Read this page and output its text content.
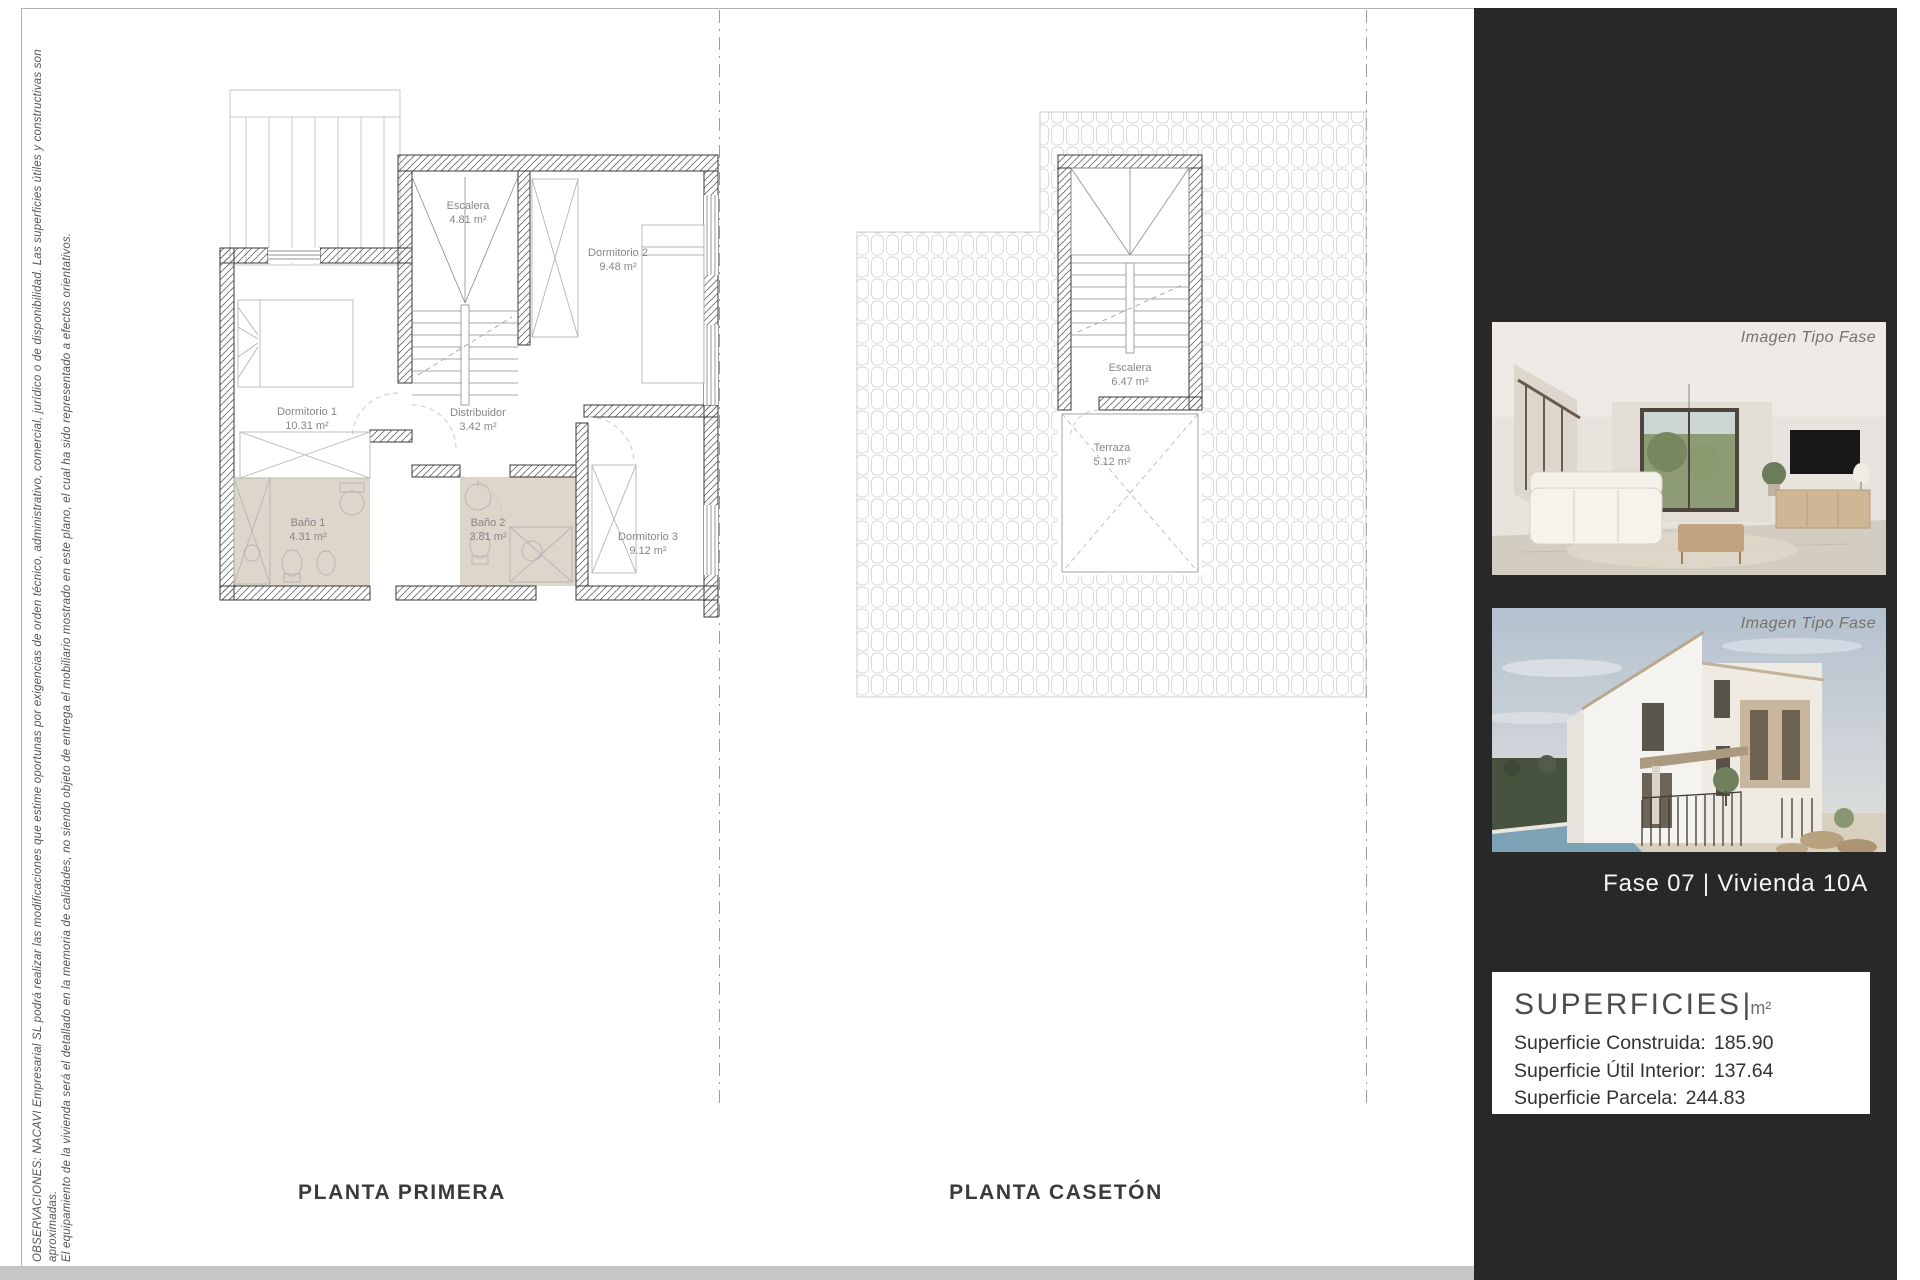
OBSERVACIONES: NACAVI Empresarial SL podrá realizar las modificaciones que estime oportunas por exigencias de orden técnico, administrativo, comercial, jurídico o de disponibilidad. Las superficies útiles y constructivas son aproximadas. El equipamiento de la vivienda será el detallado en la memoria de calidades, no siendo objeto de entrega el mobiliario mostrado en este plano, el cual ha sido representado a efectos orientativos.
Escalera
4.81 m²
Dormitorio 2
9.48 m²
Dormitorio 1
10.31 m²
Distribuidor
3.42 m²
Baño 1
4.31 m²
Baño 2
3.81 m²	Dormitorio 3
9.12 m²
Escalera
6.47 m²
Terraza
5.12 m²
PLANTA PRIMERA	PLANTA CASETÓN
Imagen Tipo Fase
Imagen Tipo Fase
Fase 07 | Vivienda 10A
SUPERFICIES|m²
Superficie Construida: 185.90
Superficie Útil Interior: 137.64
Superficie Parcela: 244.83
